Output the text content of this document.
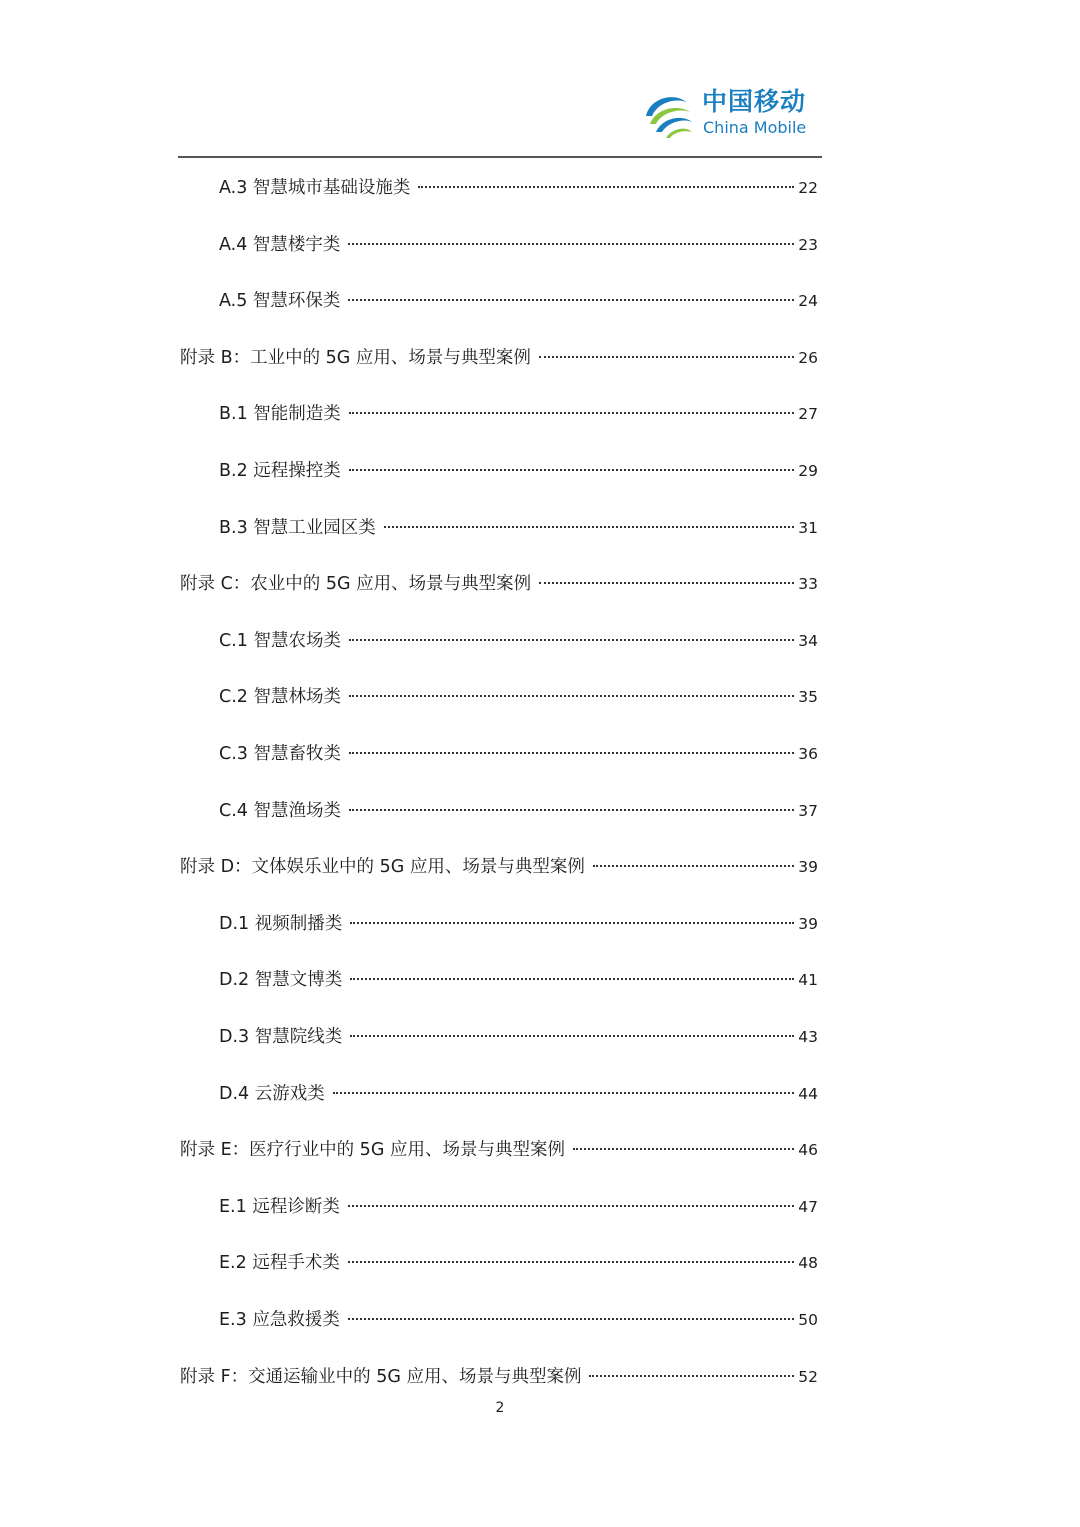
中国移动
China Mobile
A.3 智慧城市基础设施类	22
A.4 智慧楼宇类	23
A.5 智慧环保类	24
附录 B：工业中的 5G 应用、场景与典型案例	26
B.1 智能制造类	27
B.2 远程操控类	29
B.3 智慧工业园区类	31
附录 C：农业中的 5G 应用、场景与典型案例	33
C.1 智慧农场类	34
C.2 智慧林场类	35
C.3 智慧畜牧类	36
C.4 智慧渔场类	37
附录 D：文体娱乐业中的 5G 应用、场景与典型案例	39
D.1 视频制播类	39
D.2 智慧文博类	41
D.3 智慧院线类	43
D.4 云游戏类	44
附录 E：医疗行业中的 5G 应用、场景与典型案例	46
E.1 远程诊断类	47
E.2 远程手术类	48
E.3 应急救援类	50
附录 F：交通运输业中的 5G 应用、场景与典型案例	52
2
